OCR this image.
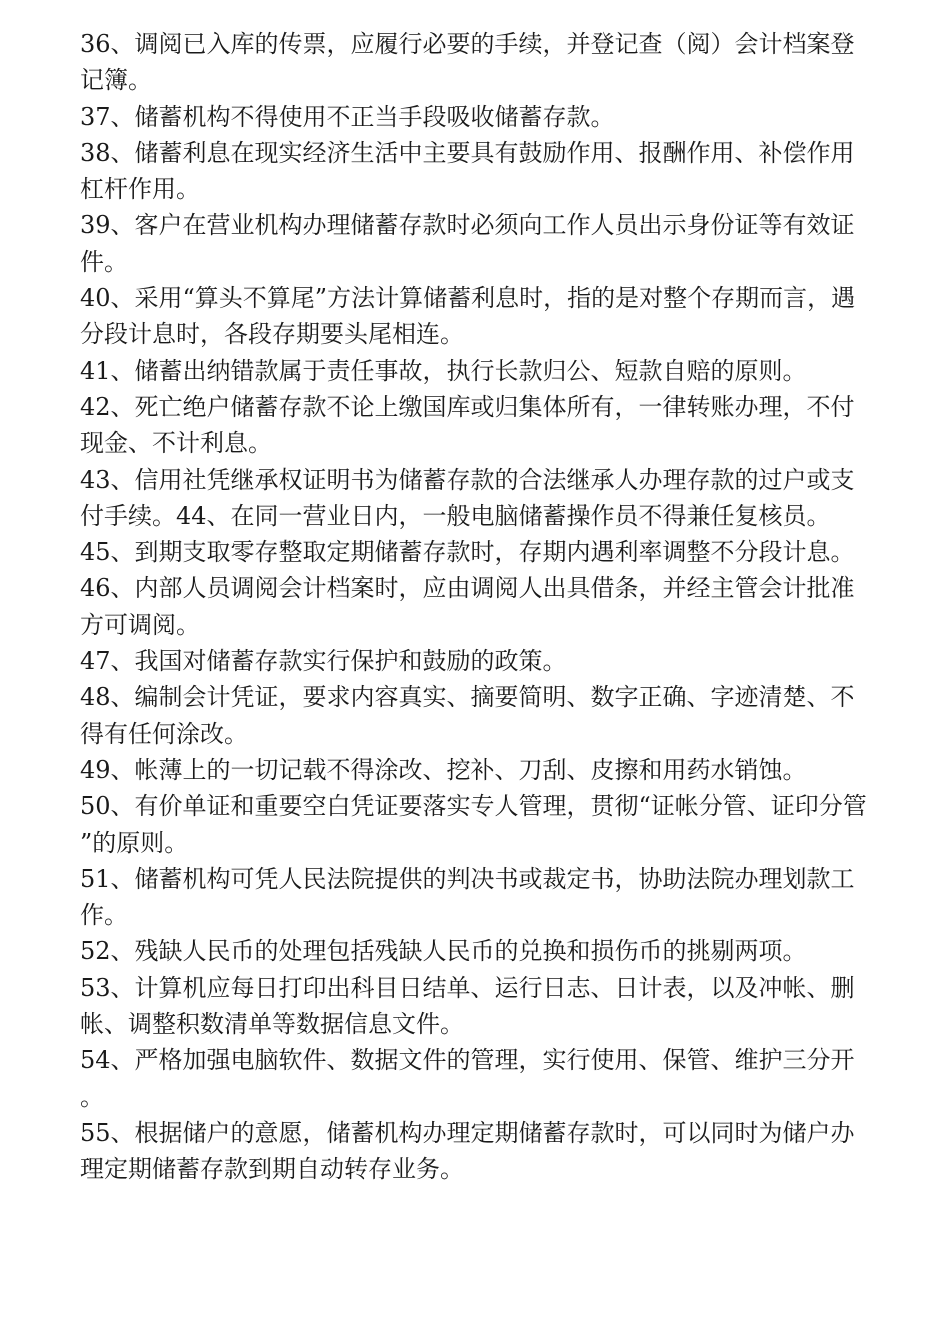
36、调阅已入库的传票，应履行必要的手续，并登记查（阅）会计档案登记簿。

37、储蓄机构不得使用不正当手段吸收储蓄存款。

38、储蓄利息在现实经济生活中主要具有鼓励作用、报酬作用、补偿作用杠杆作用。

39、客户在营业机构办理储蓄存款时必须向工作人员出示身份证等有效证件。

40、采用“算头不算尾”方法计算储蓄利息时，指的是对整个存期而言，遇分段计息时，各段存期要头尾相连。

41、储蓄出纳错款属于责任事故，执行长款归公、短款自赔的原则。

42、死亡绝户储蓄存款不论上缴国库或归集体所有，一律转账办理，不付现金、不计利息。

43、信用社凭继承权证明书为储蓄存款的合法继承人办理存款的过户或支付手续。44、在同一营业日内，一般电脑储蓄操作员不得兼任复核员。

45、到期支取零存整取定期储蓄存款时，存期内遇利率调整不分段计息。

46、内部人员调阅会计档案时，应由调阅人出具借条，并经主管会计批准方可调阅。

47、我国对储蓄存款实行保护和鼓励的政策。

48、编制会计凭证，要求内容真实、摘要简明、数字正确、字迹清楚、不得有任何涂改。

49、帐薄上的一切记载不得涂改、挖补、刀刮、皮擦和用药水销蚀。

50、有价单证和重要空白凭证要落实专人管理，贯彻“证帐分管、证印分管”的原则。

51、储蓄机构可凭人民法院提供的判决书或裁定书，协助法院办理划款工作。

52、残缺人民币的处理包括残缺人民币的兑换和损伤币的挑剔两项。

53、计算机应每日打印出科目日结单、运行日志、日计表，以及冲帐、删帐、调整积数清单等数据信息文件。

54、严格加强电脑软件、数据文件的管理，实行使用、保管、维护三分开。

55、根据储户的意愿，储蓄机构办理定期储蓄存款时，可以同时为储户办理定期储蓄存款到期自动转存业务。
